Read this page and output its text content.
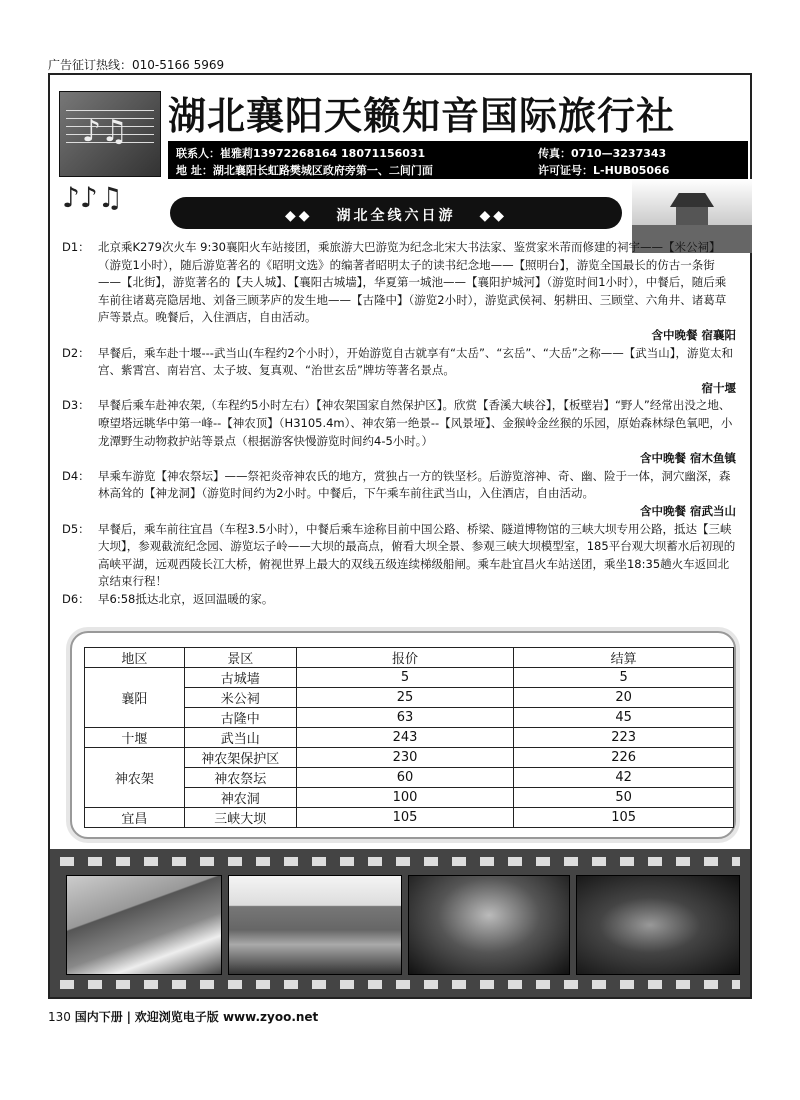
广告征订热线：010-5166 5969
♪♫ 湖北襄阳天籁知音国际旅行社
联系人：崔雅莉13972268164 18071156031	传真：0710—3237343
地 址：湖北襄阳长虹路樊城区政府旁第一、二间门面	许可证号：L-HUB05066
♪♪♫
◆◆ 湖北全线六日游 ◆◆
D1： 北京乘K279次火车 9:30襄阳火车站接团，乘旅游大巴游览为纪念北宋大书法家、鉴赏家米芾而修建的祠宇——【米公祠】（游览1小时），随后游览著名的《昭明文选》的编著者昭明太子的读书纪念地——【照明台】，游览全国最长的仿古一条街——【北街】，游览著名的【夫人城】、【襄阳古城墙】，华夏第一城池——【襄阳护城河】（游览时间1小时），中餐后，随后乘车前往诸葛亮隐居地、刘备三顾茅庐的发生地——【古隆中】（游览2小时），游览武侯祠、躬耕田、三顾堂、六角井、诸葛草庐等景点。晚餐后，入住酒店，自由活动。
含中晚餐 宿襄阳
D2： 早餐后，乘车赴十堰---武当山(车程约2个小时），开始游览自古就享有“太岳”、“玄岳”、“大岳”之称——【武当山】，游览太和宫、紫霄宫、南岩宫、太子坡、复真观、“治世玄岳”牌坊等著名景点。
宿十堰
D3： 早餐后乘车赴神农架,（车程约5小时左右）【神农架国家自然保护区】。欣赏【香溪大峡谷】，【板壁岩】“野人”经常出没之地、嘹望塔远眺华中第一峰--【神农顶】（H3105.4m）、神农第一绝景--【风景垭】、金猴岭金丝猴的乐园，原始森林绿色氧吧，小龙潭野生动物救护站等景点（根据游客快慢游览时间约4-5小时。）
含中晚餐 宿木鱼镇
D4： 早乘车游览【神农祭坛】——祭祀炎帝神农氏的地方，赏独占一方的铁坚杉。后游览溶神、奇、幽、险于一体，洞穴幽深，森林高耸的【神龙洞】（游览时间约为2小时。中餐后，下午乘车前往武当山，入住酒店，自由活动。
含中晚餐 宿武当山
D5： 早餐后，乘车前往宜昌（车程3.5小时），中餐后乘车途称目前中国公路、桥梁、隧道博物馆的三峡大坝专用公路，抵达【三峡大坝】，参观截流纪念园、游览坛子岭——大坝的最高点，俯看大坝全景、参观三峡大坝模型室，185平台观大坝蓄水后初现的高峡平湖，远观西陵长江大桥，俯视世界上最大的双线五级连续梯级船闸。乘车赴宜昌火车站送团，乘坐18:35趟火车返回北京结束行程！
D6： 早6:58抵达北京，返回温暖的家。
地区	景区	报价	结算
襄阳	古城墙	5	5
	米公祠	25	20
	古隆中	63	45
十堰	武当山	243	223
神农架	神农架保护区	230	226
	神农祭坛	60	42
	神农洞	100	50
宜昌	三峡大坝	105	105
130 国内下册 | 欢迎浏览电子版 www.zyoo.net
